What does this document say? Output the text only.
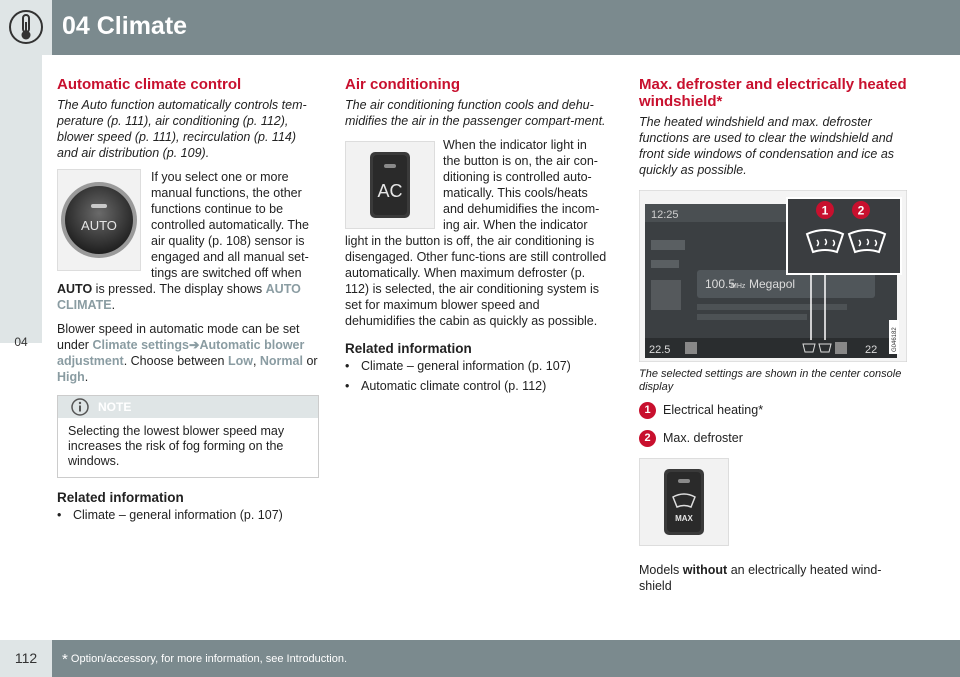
04 Climate
04
Automatic climate control
The Auto function automatically controls tem-perature (p. 111), air conditioning (p. 112), blower speed (p. 111), recirculation (p. 114) and air distribution (p. 109).
AUTO

If you select one or more manual functions, the other functions continue to be controlled automatically. The air quality (p. 108) sensor is engaged and all manual set-tings are switched off when AUTO is pressed. The display shows AUTO CLIMATE.

Blower speed in automatic mode can be set under Climate settings➔Automatic blower adjustment. Choose between Low, Normal or High.

NOTE
Selecting the lowest blower speed may increases the risk of fog forming on the windows.
Related information
• Climate – general information (p. 107)
Air conditioning
The air conditioning function cools and dehu-midifies the air in the passenger compart-ment.
AC

When the indicator light in the button is on, the air con-ditioning is controlled auto-matically. This cools/heats and dehumidifies the incom-ing air. When the indicator light in the button is off, the air conditioning is disengaged. Other func-tions are still controlled automatically. When maximum defroster (p. 112) is selected, the air conditioning system is set for maximum blower speed and dehumidifies the cabin as quickly as possible.

Related information
• Climate – general information (p. 107)
• Automatic climate control (p. 112)
Max. defroster and electrically heated windshield*
The heated windshield and max. defroster functions are used to clear the windshield and front side windows of condensation and ice as quickly as possible.
12:25
100.5
MHz Megapol
22.5	22
1 2
G046182
The selected settings are shown in the center console display
1 Electrical heating*
2 Max. defroster
MAX

Models without an electrically heated wind-shield

112	* Option/accessory, for more information, see Introduction.
